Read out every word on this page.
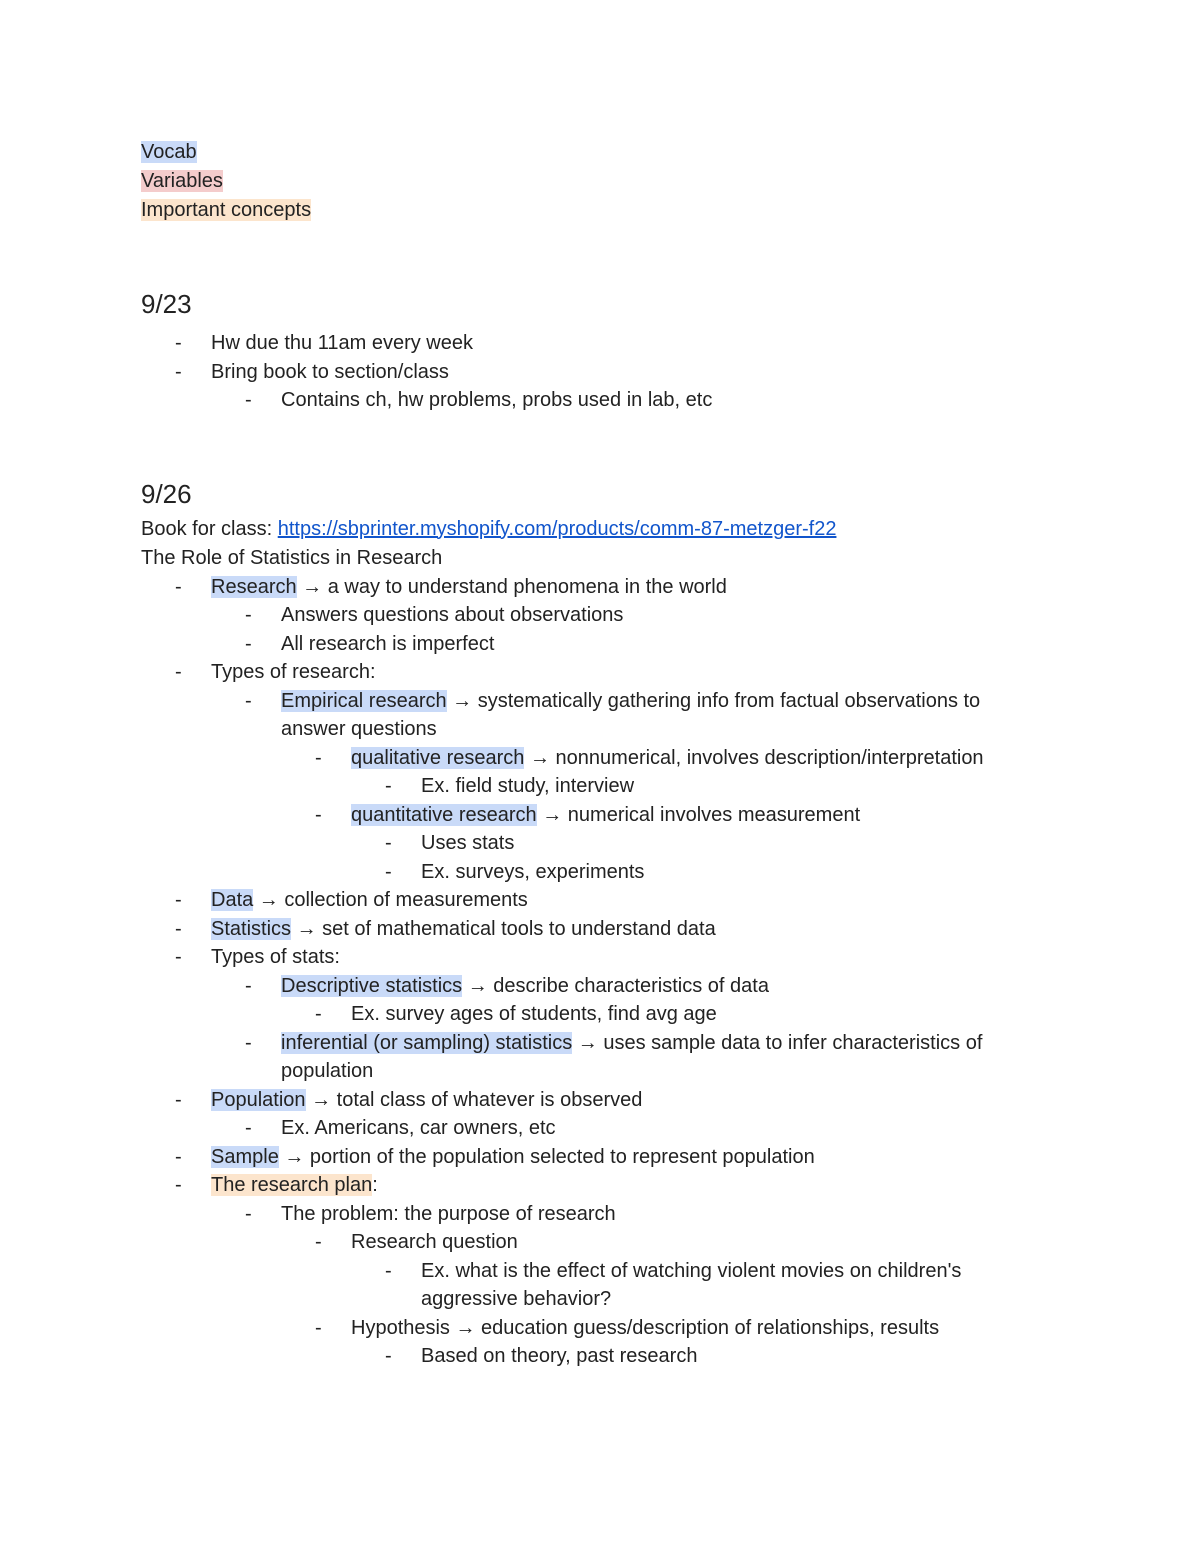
Vocab
Variables
Important concepts
9/23
- Hw due thu 11am every week
- Bring book to section/class
- Contains ch, hw problems, probs used in lab, etc
9/26
Book for class: https://sbprinter.myshopify.com/products/comm-87-metzger-f22
The Role of Statistics in Research
- Research → a way to understand phenomena in the world
- Answers questions about observations
- All research is imperfect
- Types of research:
- Empirical research → systematically gathering info from factual observations to answer questions
- qualitative research → nonnumerical, involves description/interpretation
- Ex. field study, interview
- quantitative research → numerical involves measurement
- Uses stats
- Ex. surveys, experiments
- Data → collection of measurements
- Statistics → set of mathematical tools to understand data
- Types of stats:
- Descriptive statistics → describe characteristics of data
- Ex. survey ages of students, find avg age
- inferential (or sampling) statistics → uses sample data to infer characteristics of population
- Population → total class of whatever is observed
- Ex. Americans, car owners, etc
- Sample → portion of the population selected to represent population
- The research plan:
- The problem: the purpose of research
- Research question
- Ex. what is the effect of watching violent movies on children's aggressive behavior?
- Hypothesis → education guess/description of relationships, results
- Based on theory, past research
